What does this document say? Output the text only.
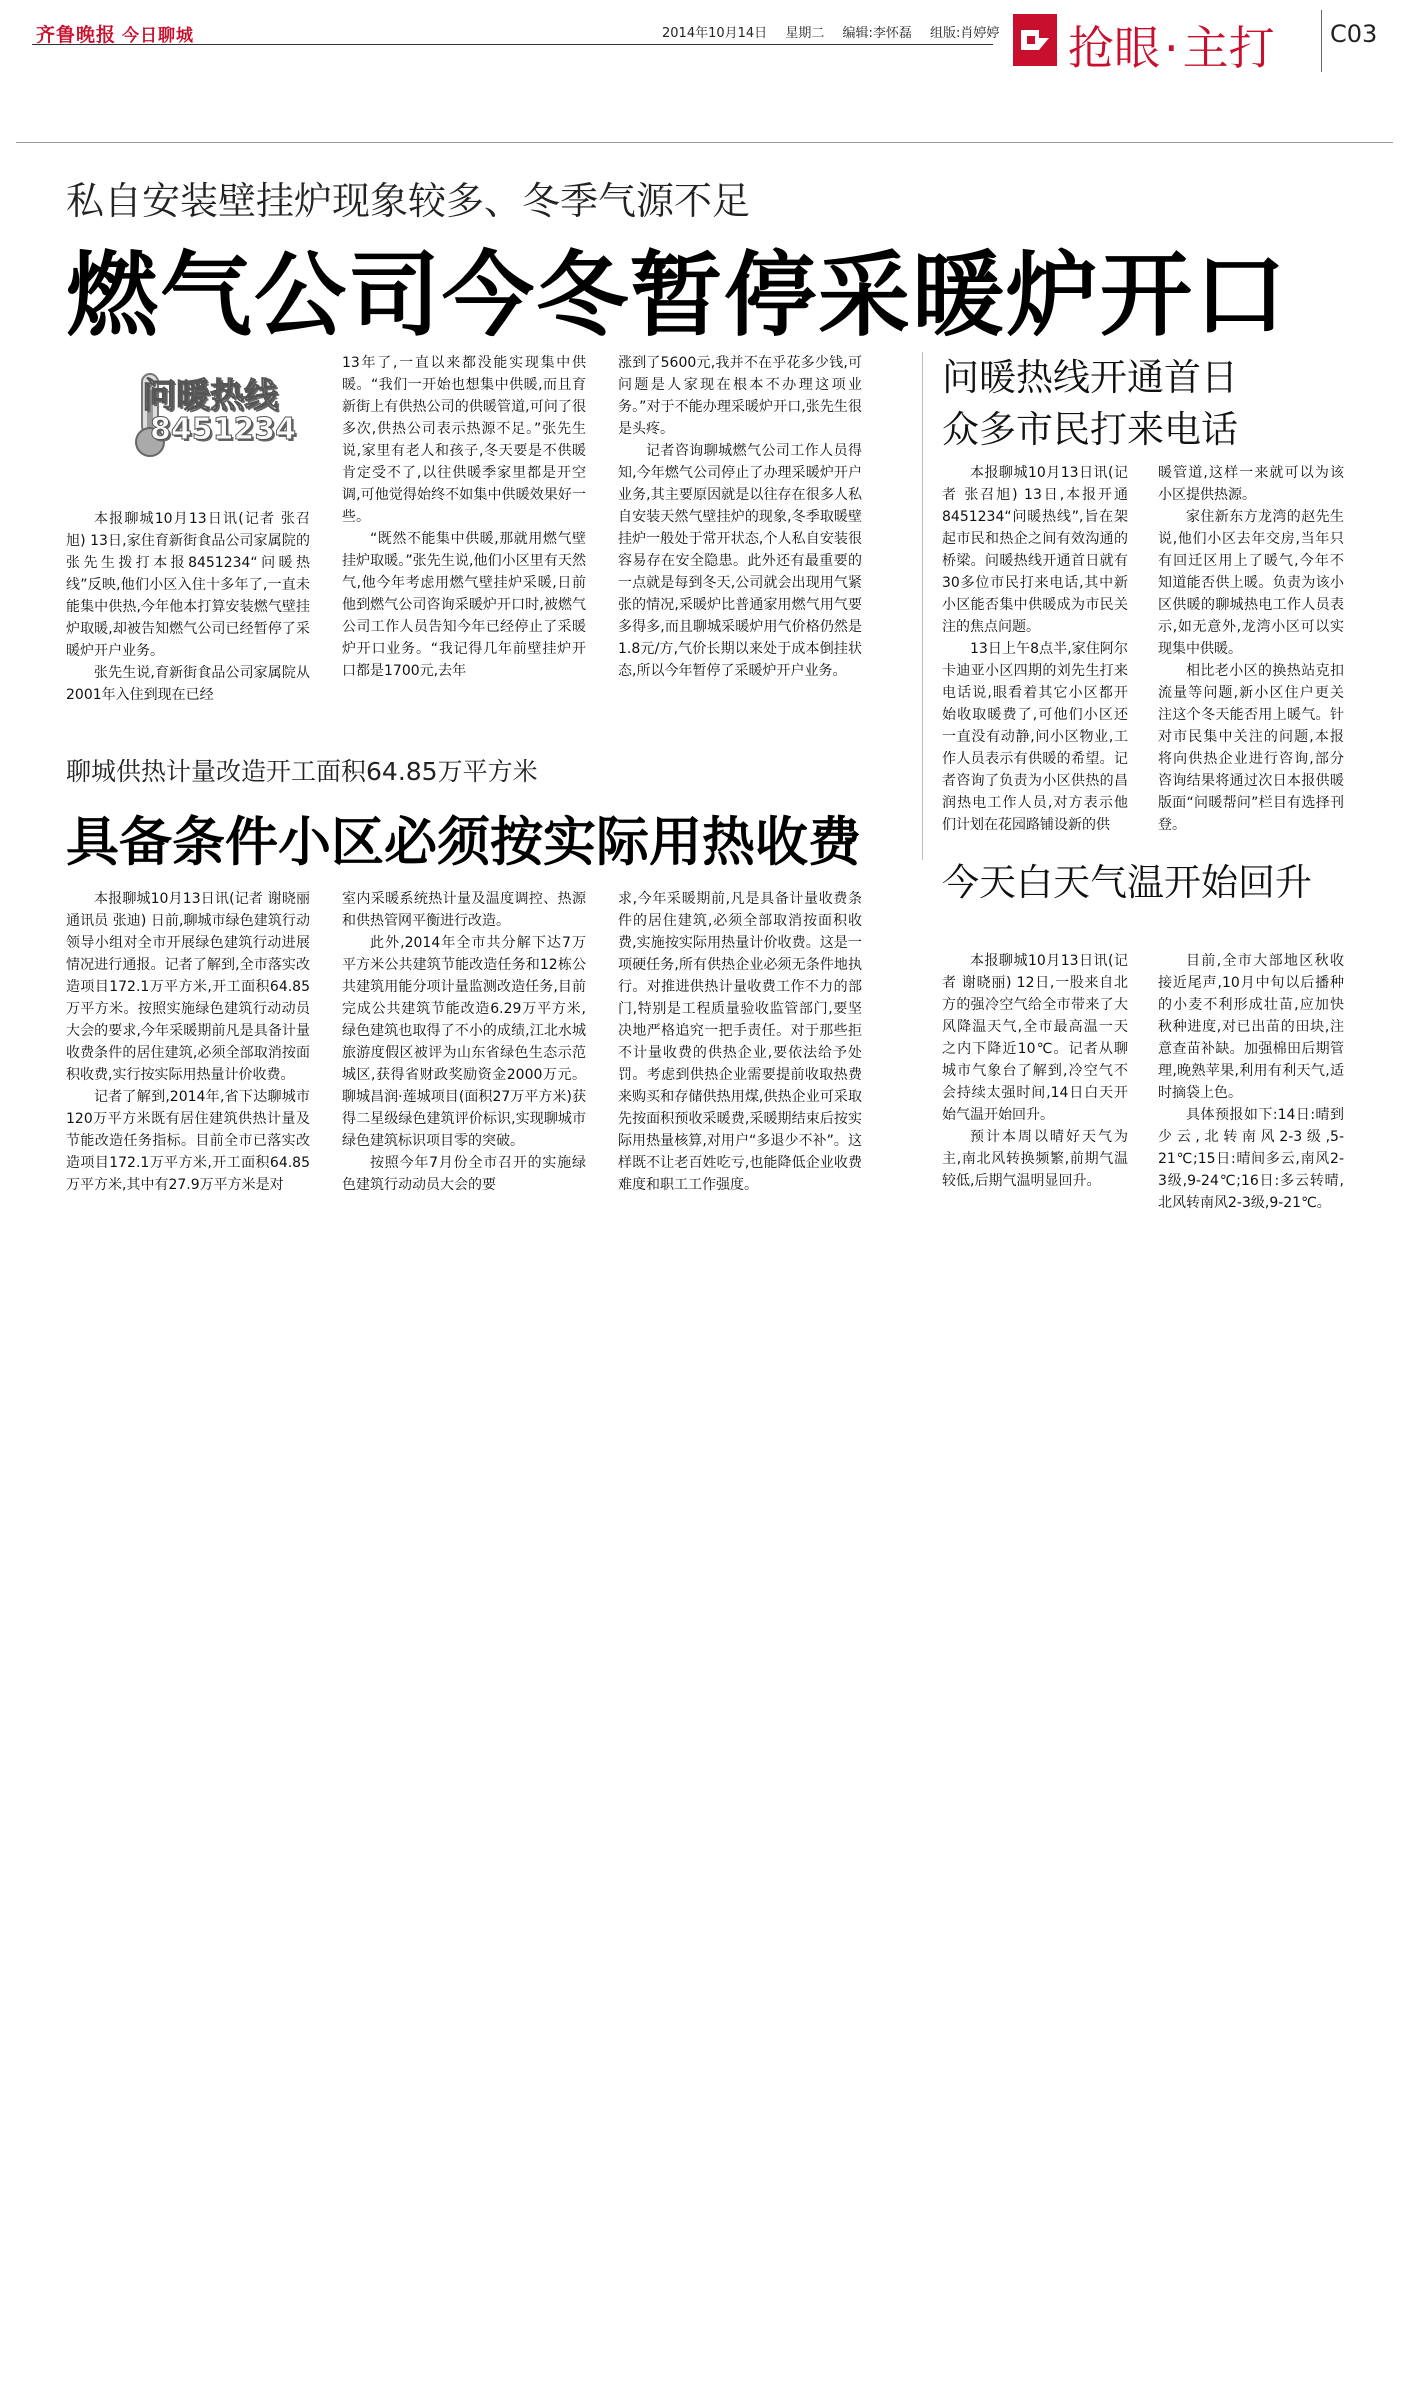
齐鲁晚报 今日聊城	2014年10月14日 星期二 编辑:李怀磊 组版:肖婷婷	抢眼·主打 C03
私自安装壁挂炉现象较多、冬季气源不足
燃气公司今冬暂停采暖炉开口
问暖热线
8451234

本报聊城10月13日讯(记者 张召旭) 13日,家住育新街食品公司家属院的张先生拨打本报8451234“问暖热线”反映,他们小区入住十多年了,一直未能集中供热,今年他本打算安装燃气壁挂炉取暖,却被告知燃气公司已经暂停了采暖炉开户业务。

张先生说,育新街食品公司家属院从2001年入住到现在已经

13年了,一直以来都没能实现集中供暖。“我们一开始也想集中供暖,而且育新街上有供热公司的供暖管道,可问了很多次,供热公司表示热源不足。”张先生说,家里有老人和孩子,冬天要是不供暖肯定受不了,以往供暖季家里都是开空调,可他觉得始终不如集中供暖效果好一些。

“既然不能集中供暖,那就用燃气壁挂炉取暖。”张先生说,他们小区里有天然气,他今年考虑用燃气壁挂炉采暖,日前他到燃气公司咨询采暖炉开口时,被燃气公司工作人员告知今年已经停止了采暖炉开口业务。“我记得几年前壁挂炉开口都是1700元,去年

涨到了5600元,我并不在乎花多少钱,可问题是人家现在根本不办理这项业务。”对于不能办理采暖炉开口,张先生很是头疼。

记者咨询聊城燃气公司工作人员得知,今年燃气公司停止了办理采暖炉开户业务,其主要原因就是以往存在很多人私自安装天然气壁挂炉的现象,冬季取暖壁挂炉一般处于常开状态,个人私自安装很容易存在安全隐患。此外还有最重要的一点就是每到冬天,公司就会出现用气紧张的情况,采暖炉比普通家用燃气用气要多得多,而且聊城采暖炉用气价格仍然是1.8元/方,气价长期以来处于成本倒挂状态,所以今年暂停了采暖炉开户业务。

聊城供热计量改造开工面积64.85万平方米
具备条件小区必须按实际用热收费

本报聊城10月13日讯(记者 谢晓丽 通讯员 张迪) 日前,聊城市绿色建筑行动领导小组对全市开展绿色建筑行动进展情况进行通报。记者了解到,全市落实改造项目172.1万平方米,开工面积64.85万平方米。按照实施绿色建筑行动动员大会的要求,今年采暖期前凡是具备计量收费条件的居住建筑,必须全部取消按面积收费,实行按实际用热量计价收费。

记者了解到,2014年,省下达聊城市120万平方米既有居住建筑供热计量及节能改造任务指标。目前全市已落实改造项目172.1万平方米,开工面积64.85万平方米,其中有27.9万平方米是对

室内采暖系统热计量及温度调控、热源和供热管网平衡进行改造。

此外,2014年全市共分解下达7万平方米公共建筑节能改造任务和12栋公共建筑用能分项计量监测改造任务,目前完成公共建筑节能改造6.29万平方米,绿色建筑也取得了不小的成绩,江北水城旅游度假区被评为山东省绿色生态示范城区,获得省财政奖励资金2000万元。聊城昌润·莲城项目(面积27万平方米)获得二星级绿色建筑评价标识,实现聊城市绿色建筑标识项目零的突破。

按照今年7月份全市召开的实施绿色建筑行动动员大会的要

求,今年采暖期前,凡是具备计量收费条件的居住建筑,必须全部取消按面积收费,实施按实际用热量计价收费。这是一项硬任务,所有供热企业必须无条件地执行。对推进供热计量收费工作不力的部门,特别是工程质量验收监管部门,要坚决地严格追究一把手责任。对于那些拒不计量收费的供热企业,要依法给予处罚。考虑到供热企业需要提前收取热费来购买和存储供热用煤,供热企业可采取先按面积预收采暖费,采暖期结束后按实际用热量核算,对用户“多退少不补”。这样既不让老百姓吃亏,也能降低企业收费难度和职工工作强度。

问暖热线开通首日
众多市民打来电话

本报聊城10月13日讯(记者 张召旭) 13日,本报开通8451234“问暖热线”,旨在架起市民和热企之间有效沟通的桥梁。问暖热线开通首日就有30多位市民打来电话,其中新小区能否集中供暖成为市民关注的焦点问题。

13日上午8点半,家住阿尔卡迪亚小区四期的刘先生打来电话说,眼看着其它小区都开始收取暖费了,可他们小区还一直没有动静,问小区物业,工作人员表示有供暖的希望。记者咨询了负责为小区供热的昌润热电工作人员,对方表示他们计划在花园路铺设新的供

暖管道,这样一来就可以为该小区提供热源。

家住新东方龙湾的赵先生说,他们小区去年交房,当年只有回迁区用上了暖气,今年不知道能否供上暖。负责为该小区供暖的聊城热电工作人员表示,如无意外,龙湾小区可以实现集中供暖。

相比老小区的换热站克扣流量等问题,新小区住户更关注这个冬天能否用上暖气。针对市民集中关注的问题,本报将向供热企业进行咨询,部分咨询结果将通过次日本报供暖版面“问暖帮问”栏目有选择刊登。

今天白天气温开始回升

本报聊城10月13日讯(记者 谢晓丽) 12日,一股来自北方的强冷空气给全市带来了大风降温天气,全市最高温一天之内下降近10℃。记者从聊城市气象台了解到,冷空气不会持续太强时间,14日白天开始气温开始回升。

预计本周以晴好天气为主,南北风转换频繁,前期气温较低,后期气温明显回升。

目前,全市大部地区秋收接近尾声,10月中旬以后播种的小麦不利形成壮苗,应加快秋种进度,对已出苗的田块,注意查苗补缺。加强棉田后期管理,晚熟苹果,利用有利天气,适时摘袋上色。

具体预报如下:14日:晴到少云,北转南风2-3级,5-21℃;15日:晴间多云,南风2-3级,9-24℃;16日:多云转晴,北风转南风2-3级,9-21℃。
